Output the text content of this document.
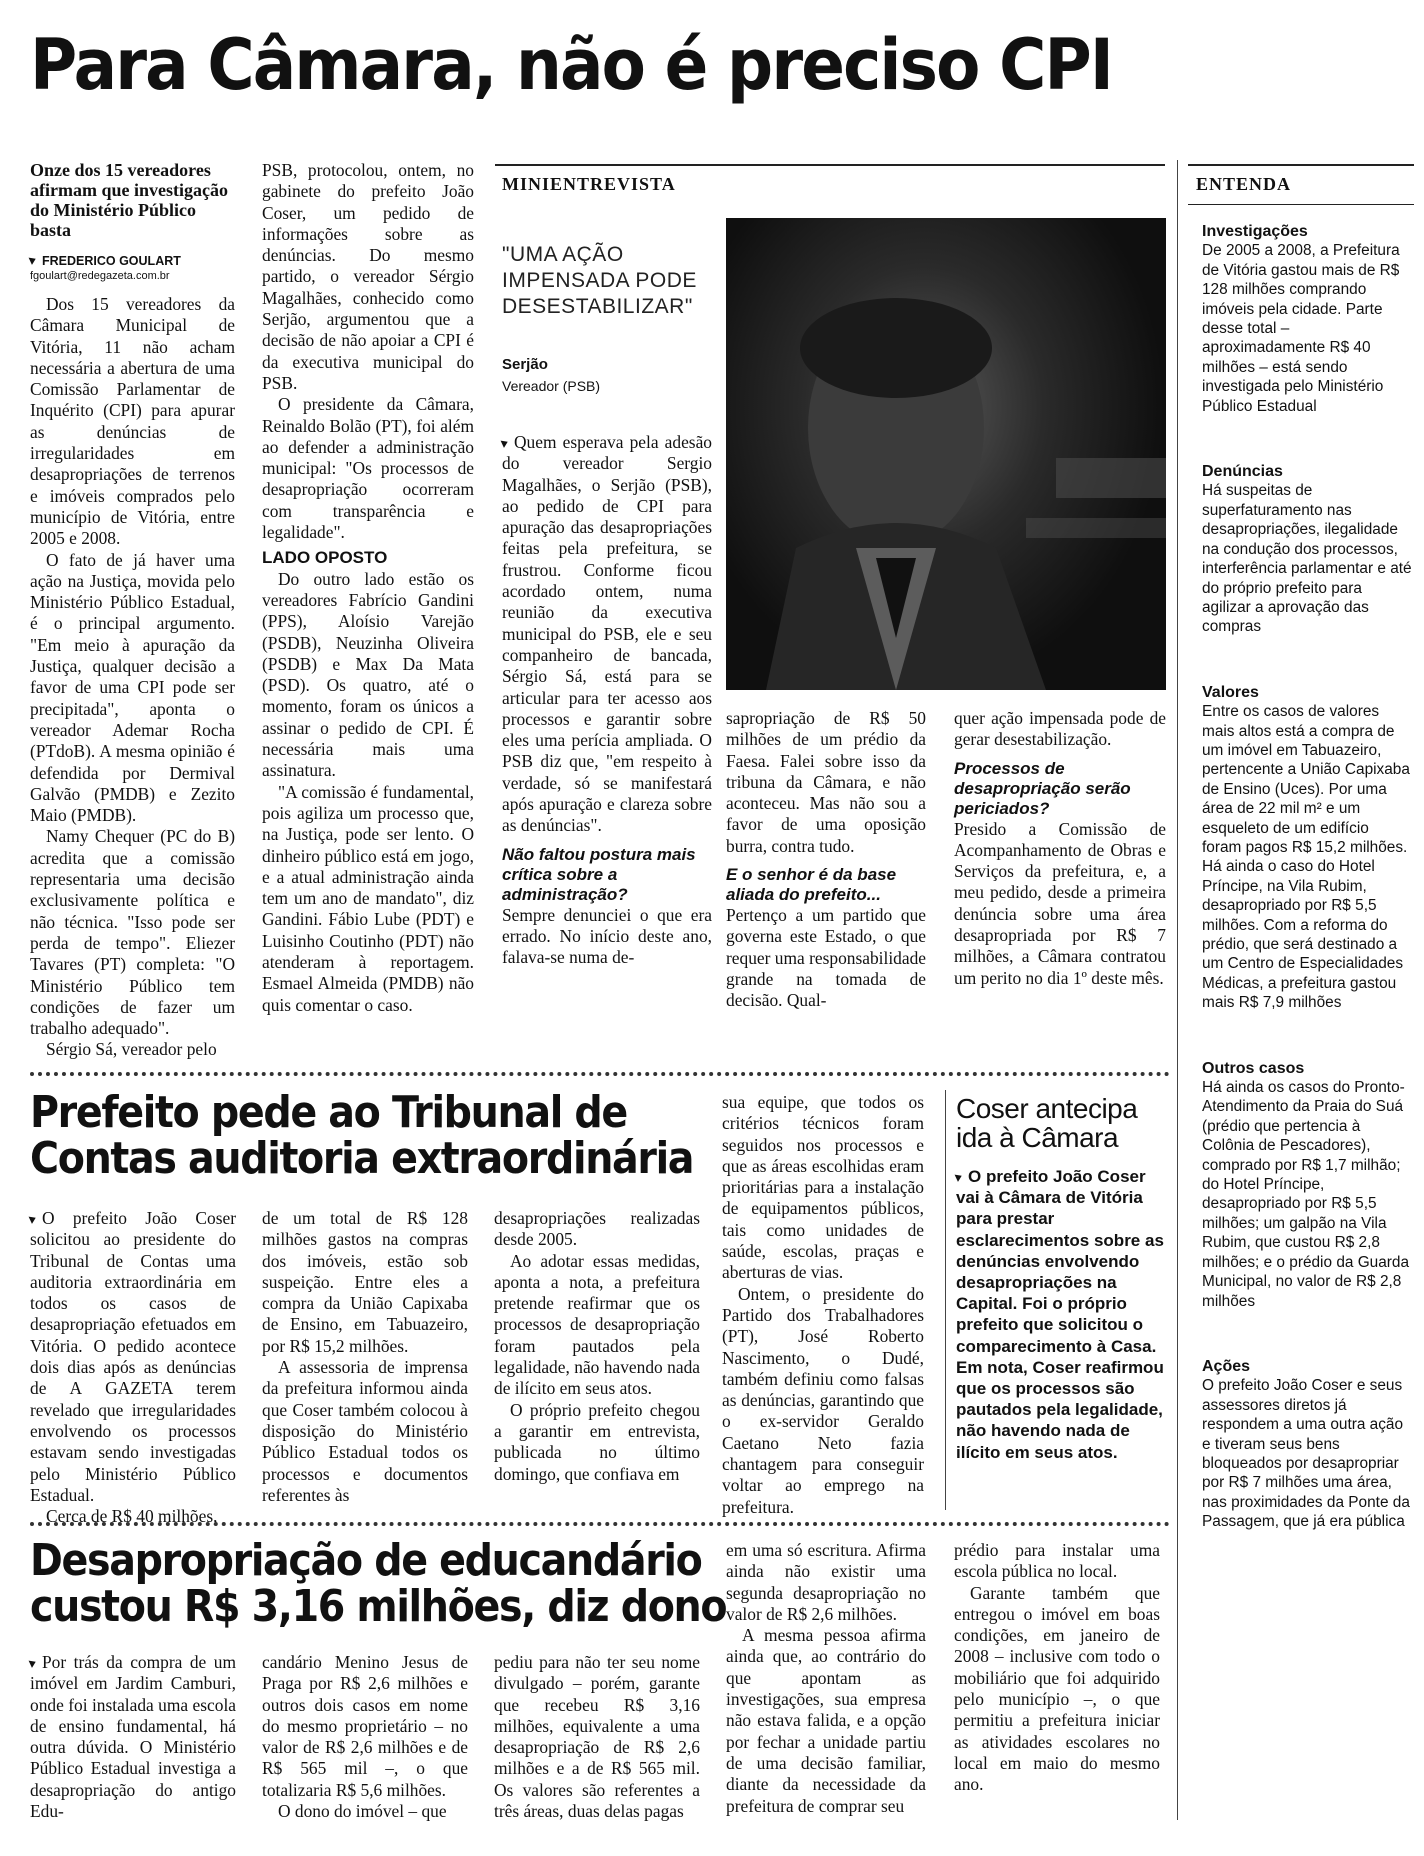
Para Câmara, não é preciso CPI
Onze dos 15 vereadores afirmam que investigação do Ministério Público basta
FREDERICO GOULART
fgoulart@redegazeta.com.br

Dos 15 vereadores da Câmara Municipal de Vitória, 11 não acham necessária a abertura de uma Comissão Parlamentar de Inquérito (CPI) para apurar as denúncias de irregularidades em desapropriações de terrenos e imóveis comprados pelo município de Vitória, entre 2005 e 2008.

O fato de já haver uma ação na Justiça, movida pelo Ministério Público Estadual, é o principal argumento. "Em meio à apuração da Justiça, qualquer decisão a favor de uma CPI pode ser precipitada", aponta o vereador Ademar Rocha (PTdoB). A mesma opinião é defendida por Dermival Galvão (PMDB) e Zezito Maio (PMDB).

Namy Chequer (PC do B) acredita que a comissão representaria uma decisão exclusivamente política e não técnica. "Isso pode ser perda de tempo". Eliezer Tavares (PT) completa: "O Ministério Público tem condições de fazer um trabalho adequado".

Sérgio Sá, vereador pelo

PSB, protocolou, ontem, no gabinete do prefeito João Coser, um pedido de informações sobre as denúncias. Do mesmo partido, o vereador Sérgio Magalhães, conhecido como Serjão, argumentou que a decisão de não apoiar a CPI é da executiva municipal do PSB.

O presidente da Câmara, Reinaldo Bolão (PT), foi além ao defender a administração municipal: "Os processos de desapropriação ocorreram com transparência e legalidade".

LADO OPOSTO

Do outro lado estão os vereadores Fabrício Gandini (PPS), Aloísio Varejão (PSDB), Neuzinha Oliveira (PSDB) e Max Da Mata (PSD). Os quatro, até o momento, foram os únicos a assinar o pedido de CPI. É necessária mais uma assinatura.

"A comissão é fundamental, pois agiliza um processo que, na Justiça, pode ser lento. O dinheiro público está em jogo, e a atual administração ainda tem um ano de mandato", diz Gandini. Fábio Lube (PDT) e Luisinho Coutinho (PDT) não atenderam à reportagem. Esmael Almeida (PMDB) não quis comentar o caso.

MINIENTREVISTA
"UMA AÇÃO IMPENSADA PODE DESESTABILIZAR"
Serjão
Vereador (PSB)

Quem esperava pela adesão do vereador Sergio Magalhães, o Serjão (PSB), ao pedido de CPI para apuração das desapropriações feitas pela prefeitura, se frustrou. Conforme ficou acordado ontem, numa reunião da executiva municipal do PSB, ele e seu companheiro de bancada, Sérgio Sá, está para se articular para ter acesso aos processos e garantir sobre eles uma perícia ampliada. O PSB diz que, "em respeito à verdade, só se manifestará após apuração e clareza sobre as denúncias".

Não faltou postura mais crítica sobre a administração?

Sempre denunciei o que era errado. No início deste ano, falava-se numa de-

sapropriação de R$ 50 milhões de um prédio da Faesa. Falei sobre isso da tribuna da Câmara, e não aconteceu. Mas não sou a favor de uma oposição burra, contra tudo.

E o senhor é da base aliada do prefeito...

Pertenço a um partido que governa este Estado, o que requer uma responsabilidade grande na tomada de decisão. Qual-

quer ação impensada pode de gerar desestabilização.

Processos de desapropriação serão periciados?

Presido a Comissão de Acompanhamento de Obras e Serviços da prefeitura, e, a meu pedido, desde a primeira denúncia sobre uma área desapropriada por R$ 7 milhões, a Câmara contratou um perito no dia 1º deste mês.

ENTENDA
Investigações

De 2005 a 2008, a Prefeitura de Vitória gastou mais de R$ 128 milhões comprando imóveis pela cidade. Parte desse total – aproximadamente R$ 40 milhões – está sendo investigada pelo Ministério Público Estadual

Denúncias

Há suspeitas de superfaturamento nas desapropriações, ilegalidade na condução dos processos, interferência parlamentar e até do próprio prefeito para agilizar a aprovação das compras

Valores

Entre os casos de valores mais altos está a compra de um imóvel em Tabuazeiro, pertencente a União Capixaba de Ensino (Uces). Por uma área de 22 mil m² e um esqueleto de um edifício foram pagos R$ 15,2 milhões. Há ainda o caso do Hotel Príncipe, na Vila Rubim, desapropriado por R$ 5,5 milhões. Com a reforma do prédio, que será destinado a um Centro de Especialidades Médicas, a prefeitura gastou mais R$ 7,9 milhões

Outros casos

Há ainda os casos do Pronto-Atendimento da Praia do Suá (prédio que pertencia à Colônia de Pescadores), comprado por R$ 1,7 milhão; do Hotel Príncipe, desapropriado por R$ 5,5 milhões; um galpão na Vila Rubim, que custou R$ 2,8 milhões; e o prédio da Guarda Municipal, no valor de R$ 2,8 milhões

Ações

O prefeito João Coser e seus assessores diretos já respondem a uma outra ação e tiveram seus bens bloqueados por desapropriar por R$ 7 milhões uma área, nas proximidades da Ponte da Passagem, que já era pública

Prefeito pede ao Tribunal de
Contas auditoria extraordinária

O prefeito João Coser solicitou ao presidente do Tribunal de Contas uma auditoria extraordinária em todos os casos de desapropriação efetuados em Vitória. O pedido acontece dois dias após as denúncias de A GAZETA terem revelado que irregularidades envolvendo os processos estavam sendo investigadas pelo Ministério Público Estadual.

Cerca de R$ 40 milhões,

de um total de R$ 128 milhões gastos na compras dos imóveis, estão sob suspeição. Entre eles a compra da União Capixaba de Ensino, em Tabuazeiro, por R$ 15,2 milhões.

A assessoria de imprensa da prefeitura informou ainda que Coser também colocou à disposição do Ministério Público Estadual todos os processos e documentos referentes às

desapropriações realizadas desde 2005.

Ao adotar essas medidas, aponta a nota, a prefeitura pretende reafirmar que os processos de desapropriação foram pautados pela legalidade, não havendo nada de ilícito em seus atos.

O próprio prefeito chegou a garantir em entrevista, publicada no último domingo, que confiava em

sua equipe, que todos os critérios técnicos foram seguidos nos processos e que as áreas escolhidas eram prioritárias para a instalação de equipamentos públicos, tais como unidades de saúde, escolas, praças e aberturas de vias.

Ontem, o presidente do Partido dos Trabalhadores (PT), José Roberto Nascimento, o Dudé, também definiu como falsas as denúncias, garantindo que o ex-servidor Geraldo Caetano Neto fazia chantagem para conseguir voltar ao emprego na prefeitura.

Coser antecipa
ida à Câmara

O prefeito João Coser vai à Câmara de Vitória para prestar esclarecimentos sobre as denúncias envolvendo desapropriações na Capital. Foi o próprio prefeito que solicitou o comparecimento à Casa. Em nota, Coser reafirmou que os processos são pautados pela legalidade, não havendo nada de ilícito em seus atos.

Desapropriação de educandário
custou R$ 3,16 milhões, diz dono

Por trás da compra de um imóvel em Jardim Camburi, onde foi instalada uma escola de ensino fundamental, há outra dúvida. O Ministério Público Estadual investiga a desapropriação do antigo Edu-

candário Menino Jesus de Praga por R$ 2,6 milhões e outros dois casos em nome do mesmo proprietário – no valor de R$ 2,6 milhões e de R$ 565 mil –, o que totalizaria R$ 5,6 milhões.

O dono do imóvel – que

pediu para não ter seu nome divulgado – porém, garante que recebeu R$ 3,16 milhões, equivalente a uma desapropriação de R$ 2,6 milhões e a de R$ 565 mil. Os valores são referentes a três áreas, duas delas pagas

em uma só escritura. Afirma ainda não existir uma segunda desapropriação no valor de R$ 2,6 milhões.

A mesma pessoa afirma ainda que, ao contrário do que apontam as investigações, sua empresa não estava falida, e a opção por fechar a unidade partiu de uma decisão familiar, diante da necessidade da prefeitura de comprar seu

prédio para instalar uma escola pública no local.

Garante também que entregou o imóvel em boas condições, em janeiro de 2008 – inclusive com todo o mobiliário que foi adquirido pelo município –, o que permitiu a prefeitura iniciar as atividades escolares no local em maio do mesmo ano.
